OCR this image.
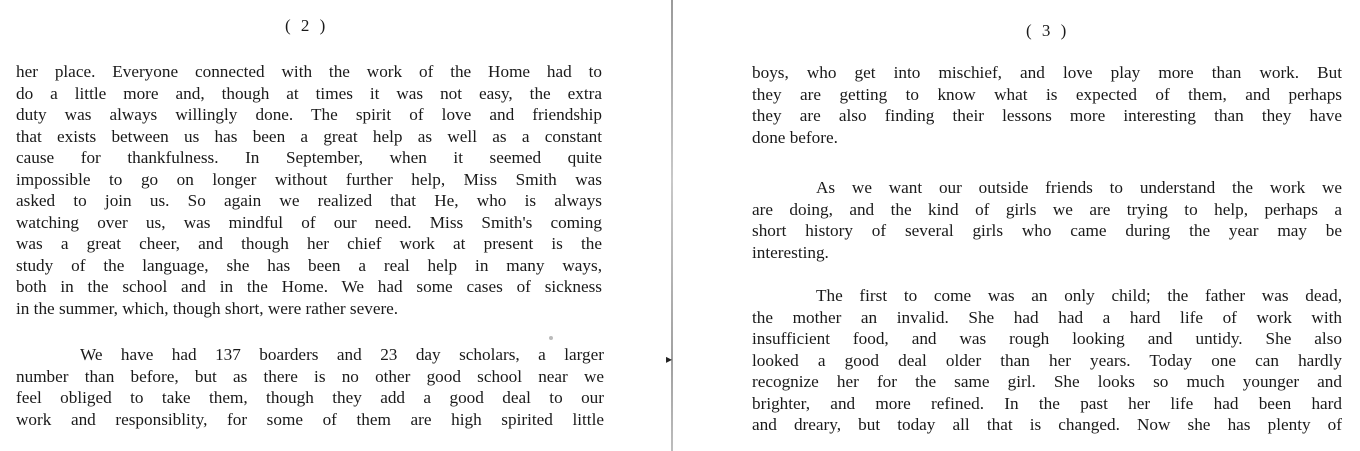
( 2 )
her place. Everyone connected with the work of the Home had to
do a little more and, though at times it was not easy, the extra
duty was always willingly done. The spirit of love and friendship
that exists between us has been a great help as well as a constant
cause for thankfulness. In September, when it seemed quite
impossible to go on longer without further help, Miss Smith was
asked to join us. So again we realized that He, who is always
watching over us, was mindful of our need. Miss Smith's coming
was a great cheer, and though her chief work at present is the
study of the language, she has been a real help in many ways,
both in the school and in the Home. We had some cases of sickness
in the summer, which, though short, were rather severe.
We have had 137 boarders and 23 day scholars, a larger
number than before, but as there is no other good school near we
feel obliged to take them, though they add a good deal to our
work and responsiblity, for some of them are high spirited little
▸
( 3 )
boys, who get into mischief, and love play more than work. But
they are getting to know what is expected of them, and perhaps
they are also finding their lessons more interesting than they have
done before.
As we want our outside friends to understand the work we
are doing, and the kind of girls we are trying to help, perhaps a
short history of several girls who came during the year may be
interesting.
The first to come was an only child; the father was dead,
the mother an invalid. She had had a hard life of work with
insufficient food, and was rough looking and untidy. She also
looked a good deal older than her years. Today one can hardly
recognize her for the same girl. She looks so much younger and
brighter, and more refined. In the past her life had been hard
and dreary, but today all that is changed. Now she has plenty of
